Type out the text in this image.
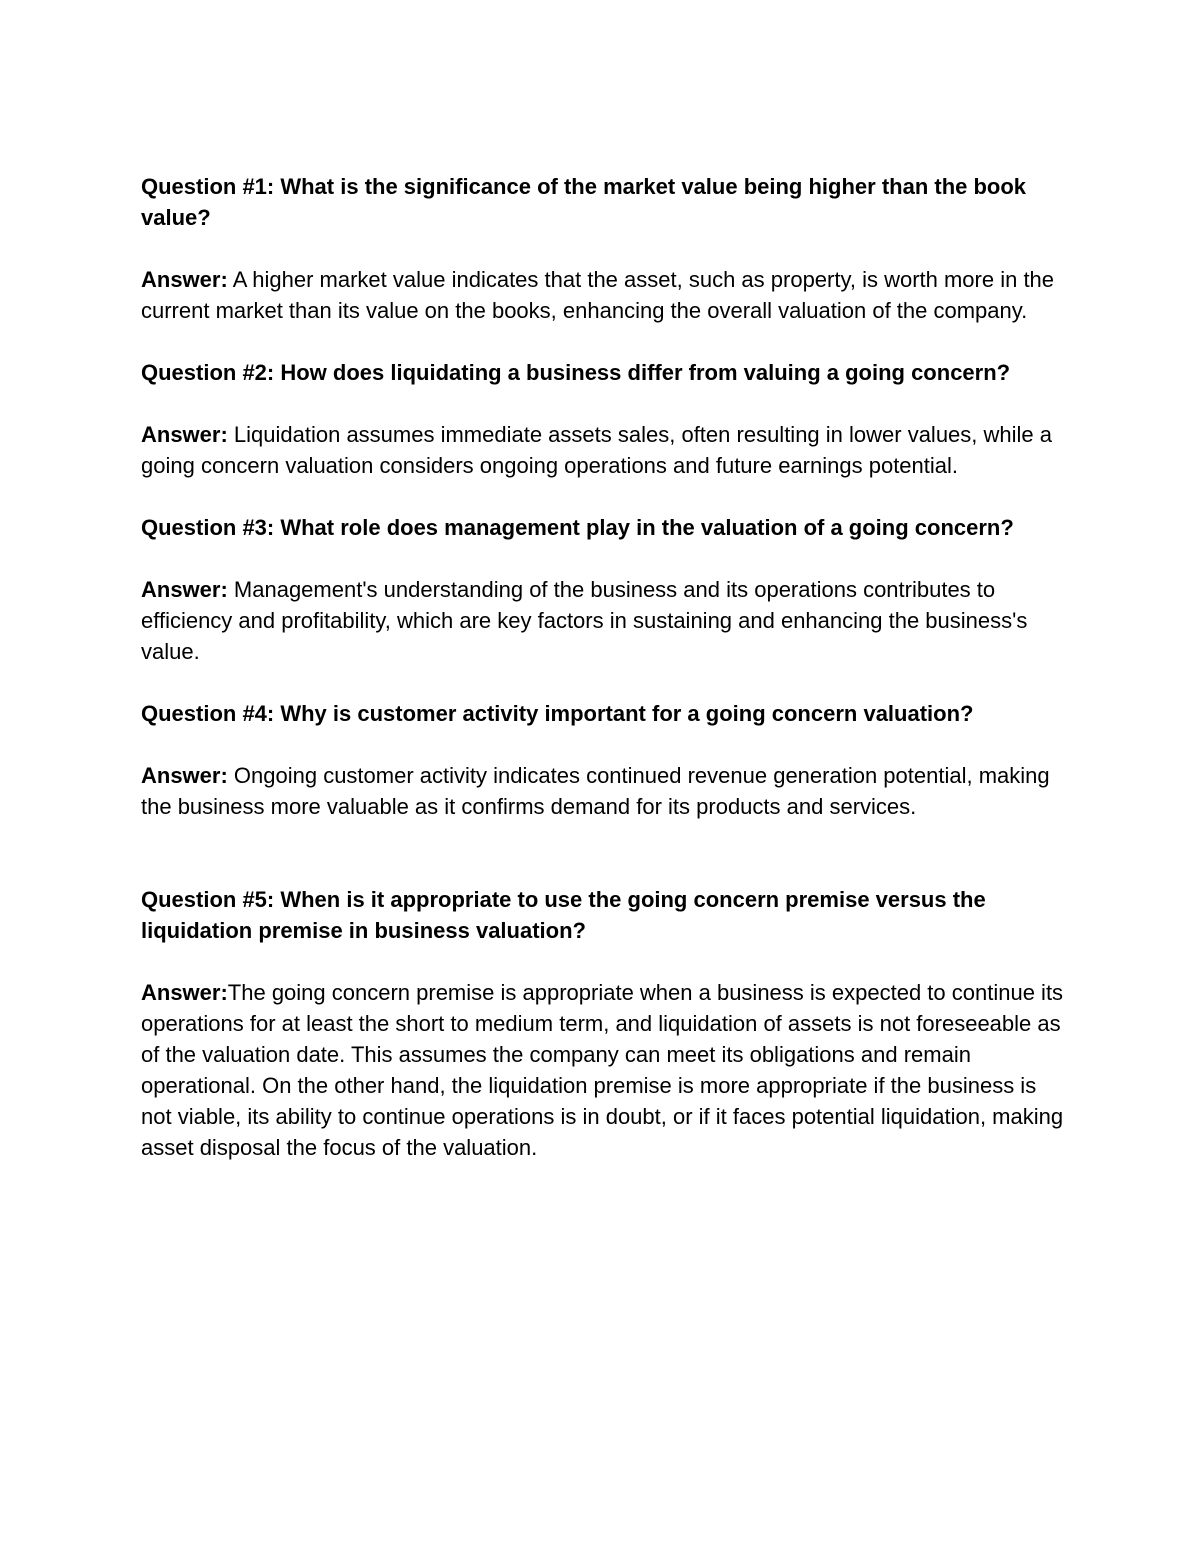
Question #1: What is the significance of the market value being higher than the book value?

Answer: A higher market value indicates that the asset, such as property, is worth more in the current market than its value on the books, enhancing the overall valuation of the company.

Question #2: How does liquidating a business differ from valuing a going concern?

Answer: Liquidation assumes immediate assets sales, often resulting in lower values, while a going concern valuation considers ongoing operations and future earnings potential.

Question #3: What role does management play in the valuation of a going concern?

Answer: Management's understanding of the business and its operations contributes to efficiency and profitability, which are key factors in sustaining and enhancing the business's value.

Question #4: Why is customer activity important for a going concern valuation?

Answer: Ongoing customer activity indicates continued revenue generation potential, making the business more valuable as it confirms demand for its products and services.

Question #5: When is it appropriate to use the going concern premise versus the liquidation premise in business valuation?

Answer:The going concern premise is appropriate when a business is expected to continue its operations for at least the short to medium term, and liquidation of assets is not foreseeable as of the valuation date. This assumes the company can meet its obligations and remain operational. On the other hand, the liquidation premise is more appropriate if the business is not viable, its ability to continue operations is in doubt, or if it faces potential liquidation, making asset disposal the focus of the valuation.
